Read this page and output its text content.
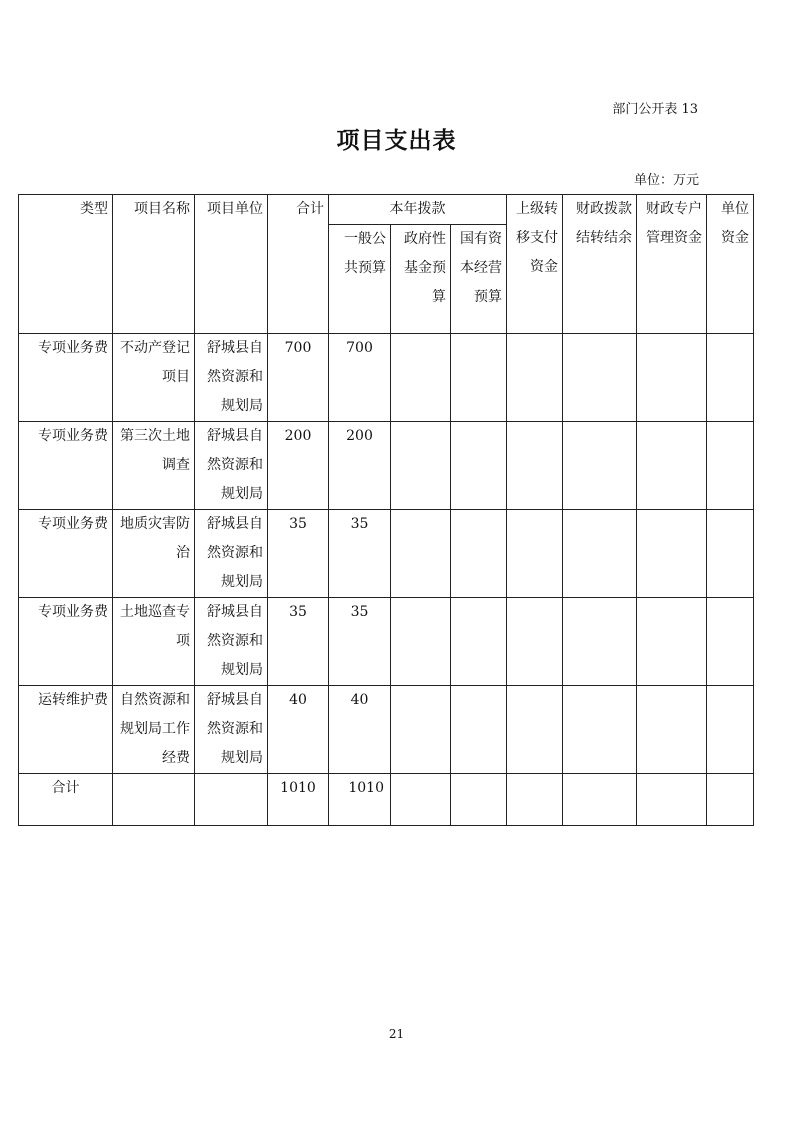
部门公开表 13
项目支出表
单位：万元
类型	项目名称	项目单位	合计	本年拨款			上级转移支付资金	财政拨款结转结余	财政专户管理资金	单位资金
				一般公共预算	政府性基金预算	国有资本经营预算				
专项业务费	不动产登记项目	舒城县自然资源和规划局	700	700						
专项业务费	第三次土地调查	舒城县自然资源和规划局	200	200						
专项业务费	地质灾害防治	舒城县自然资源和规划局	35	35						
专项业务费	土地巡查专项	舒城县自然资源和规划局	35	35						
运转维护费	自然资源和规划局工作经费	舒城县自然资源和规划局	40	40						
合计			1010	1010						
21
